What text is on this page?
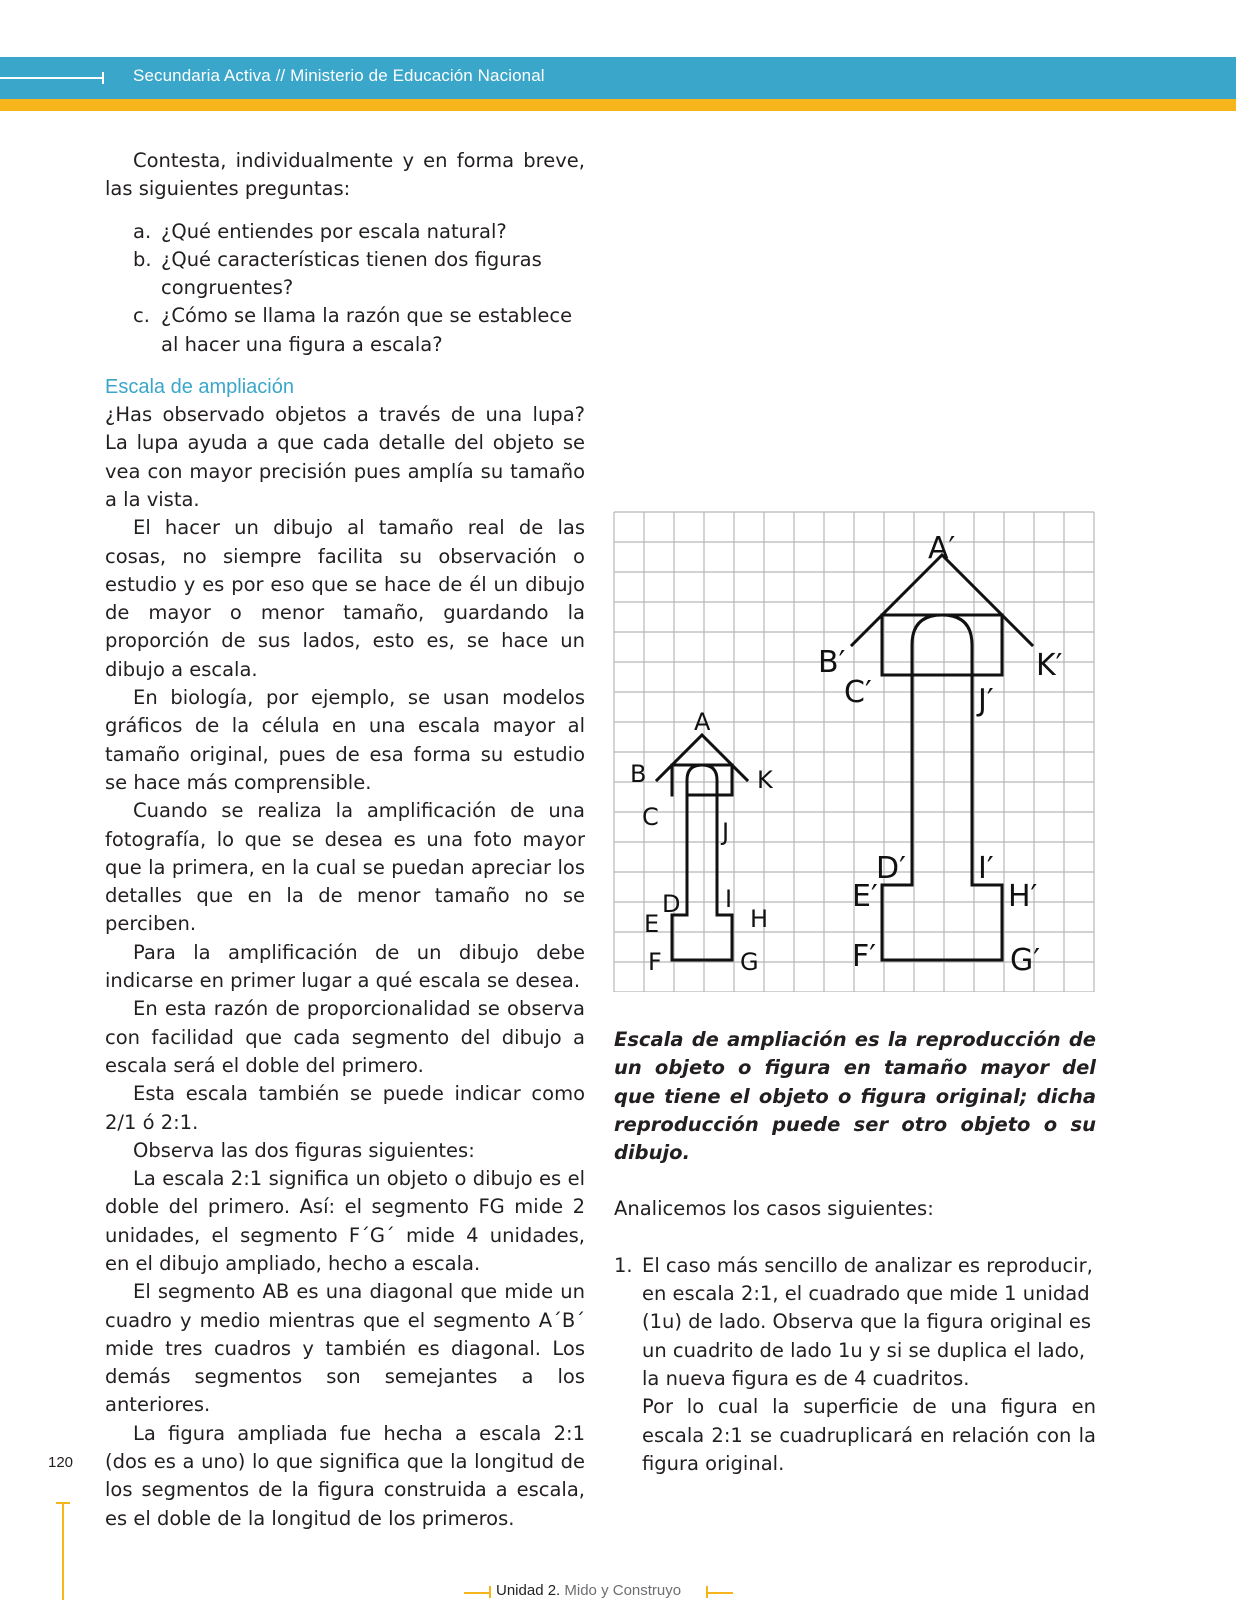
Secundaria Activa // Ministerio de Educación Nacional

Contesta, individualmente y en forma breve, las siguientes preguntas:

a. ¿Qué entiendes por escala natural?
b. ¿Qué características tienen dos figuras congruentes?
c. ¿Cómo se llama la razón que se establece al hacer una figura a escala?
Escala de ampliación

¿Has observado objetos a través de una lupa? La lupa ayuda a que cada detalle del objeto se vea con mayor precisión pues amplía su tamaño a la vista.

El hacer un dibujo al tamaño real de las cosas, no siempre facilita su observación o estudio y es por eso que se hace de él un dibujo de mayor o menor tamaño, guardando la proporción de sus lados, esto es, se hace un dibujo a escala.

En biología, por ejemplo, se usan modelos gráficos de la célula en una escala mayor al tamaño original, pues de esa forma su estudio se hace más comprensible.

Cuando se realiza la amplificación de una fotografía, lo que se desea es una foto mayor que la primera, en la cual se puedan apreciar los detalles que en la de menor tamaño no se perciben.

Para la amplificación de un dibujo debe indicarse en primer lugar a qué escala se desea.

En esta razón de proporcionalidad se observa con facilidad que cada segmento del dibujo a escala será el doble del primero.

Esta escala también se puede indicar como 2/1 ó 2:1.

Observa las dos figuras siguientes:

La escala 2:1 significa un objeto o dibujo es el doble del primero. Así: el segmento FG mide 2 unidades, el segmento F´G´ mide 4 unidades, en el dibujo ampliado, hecho a escala.

El segmento AB es una diagonal que mide un cuadro y medio mientras que el segmento A´B´ mide tres cuadros y también es diagonal. Los demás segmentos son semejantes a los anteriores.

La figura ampliada fue hecha a escala 2:1 (dos es a uno) lo que significa que la longitud de los segmentos de la figura construida a escala, es el doble de la longitud de los primeros.

A
B	K
C
J
D I
E	H
F	G
A′
B′	K′
C′	J′
D′ I′
E′	H′
F′	G′

Escala de ampliación es la reproducción de un objeto o figura en tamaño mayor del que tiene el objeto o figura original; dicha reproducción puede ser otro objeto o su dibujo.

Analicemos los casos siguientes:

1. El caso más sencillo de analizar es reproducir, en escala 2:1, el cuadrado que mide 1 unidad (1u) de lado. Observa que la figura original es un cuadrito de lado 1u y si se duplica el lado, la nueva figura es de 4 cuadritos.

Por lo cual la superficie de una figura en escala 2:1 se cuadruplicará en relación con la figura original.

120
Unidad 2. Mido y Construyo
